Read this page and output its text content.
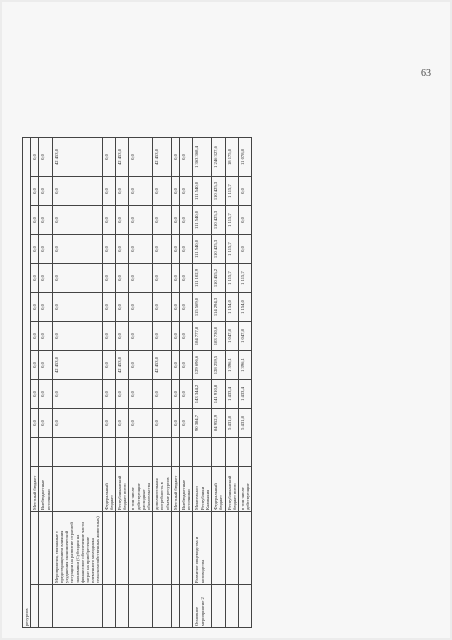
ресурсов													
		Местный бюджет		0,0	0,0	0,0	0,0	0,0	0,0	0,0	0,0	0,0	0,0
		Внебюджетные источники		0,0	0,0	0,0	0,0	0,0	0,0	0,0	0,0	0,0	0,0
	Мероприятия, связанные с предотвращением влияния ухудшения экономической ситуации на развитие отраслей экономики (Субсидия на финансовое обеспечение части затрат на приобретение племенного молодняка сельскохозяйственных животных)			0,0	0,0	42 453,0	0,0	0,0	0,0	0,0	0,0	0,0	42 453,0
		Федеральный бюджет		0,0	0,0	0,0	0,0	0,0	0,0	0,0	0,0	0,0	0,0
		Республиканский бюджет всего		0,0	0,0	42 453,0	0,0	0,0	0,0	0,0	0,0	0,0	42 453,0
		в том числе действующие расходные обязательства		0,0	0,0	0,0	0,0	0,0	0,0	0,0	0,0	0,0	0,0
		дополнительная потребность в объеме ресурсов		0,0	0,0	42 453,0	0,0	0,0	0,0	0,0	0,0	0,0	42 453,0
		Местный бюджет		0,0	0,0	0,0	0,0	0,0	0,0	0,0	0,0	0,0	0,0
		Внебюджетные источники		0,0	0,0	0,0	0,0	0,0	0,0	0,0	0,0	0,0	0,0
Основное мероприятие 2	Развитие овцеводства и козоводства	Минсельхоз Республики Калмыкия		90 384,7	143 344,2	129 696,6	184 777,8	115 569,0	111 102,9	111 540,0	111 540,0	111 540,0	1 363 368,4
		Федеральный бюджет		84 952,9	141 910,8	128 259,5	183 730,0	114 294,3	110 455,2	110 425,3	110 425,3	110 425,3	1 246 327,6
		Республиканский бюджет всего		5 431,8	1 433,4	1 396,1	1 047,8	1 154,0	1 115,7	1 115,7	1 115,7	1 115,7	18 175,0
		в том числе действующие		5 431,8	1 433,4	1 396,1	1 047,8	1 154,0	1 115,7	0,0	0,0	0,0	11 078,8
63
